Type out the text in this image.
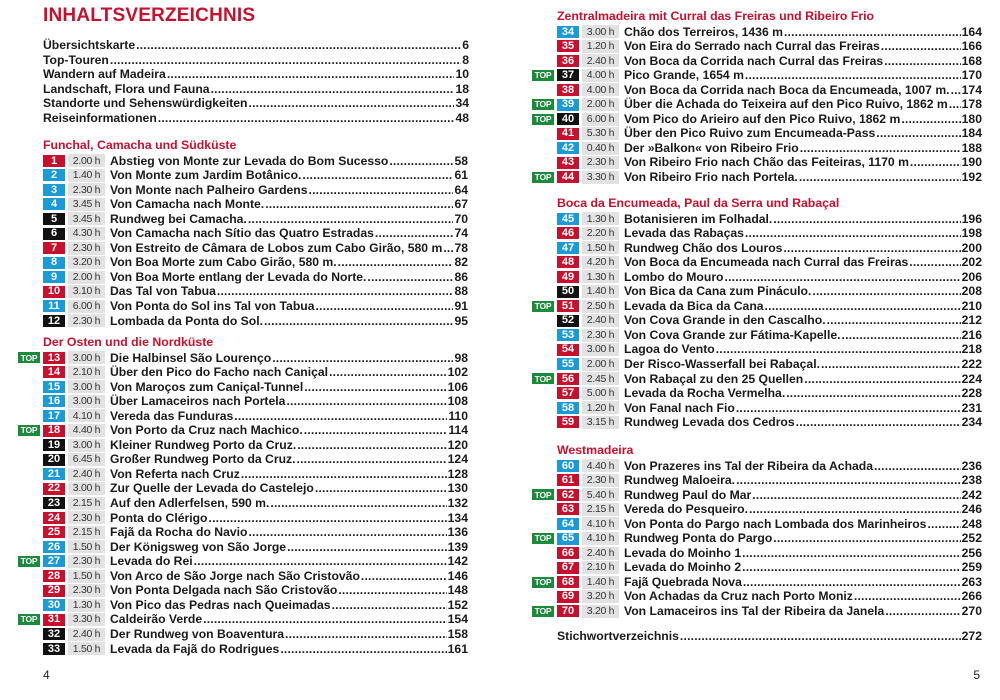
INHALTSVERZEICHNIS
Übersichtskarte . . .	6
Top-Touren . . .	8
Wandern auf Madeira . . .	10
Landschaft, Flora und Fauna . . .	18
Standorte und Sehenswürdigkeiten . . .	34
Reiseinformationen . . .	48
Funchal, Camacha und Südküste
1	2.00 h Abstieg von Monte zur Levada do Bom Sucesso . . .	58
2	1.40 h Von Monte zum Jardim Botânico. . . .	61
3	2.30 h Von Monte nach Palheiro Gardens . . .	64
4	3.45 h Von Camacha nach Monte. . . .	67
5	3.45 h Rundweg bei Camacha. . . .	70
6	4.30 h Von Camacha nach Sítio das Quatro Estradas . . .	74
7	2.30 h Von Estreito de Câmara de Lobos zum Cabo Girão, 580 m . . . 78
8	3.20 h Von Boa Morte zum Cabo Girão, 580 m. . . .	82
9	2.00 h Von Boa Morte entlang der Levada do Norte. . . .	86
10	3.10 h Das Tal von Tabua . . .	88
11	6.00 h Von Ponta do Sol ins Tal von Tabua . . .	91
12	2.30 h Lombada da Ponta do Sol. . . .	95
Der Osten und die Nordküste
TOP 13	3.00 h Die Halbinsel São Lourenço . . .	98
14	2.10 h Über den Pico do Facho nach Caniçal . . .	102
15	3.00 h Von Maroços zum Caniçal-Tunnel . . .	106
16	3.00 h Über Lamaceiros nach Portela . . .	108
17	4.10 h Vereda das Funduras . . .	110
TOP 18	4.40 h Von Porto da Cruz nach Machico. . . .	114
19	3.00 h Kleiner Rundweg Porto da Cruz. . . .	120
20	6.45 h Großer Rundweg Porto da Cruz. . . .	124
21	2.40 h Von Referta nach Cruz . . .	128
22	3.00 h Zur Quelle der Levada do Castelejo . . .	130
23	2.15 h Auf den Adlerfelsen, 590 m. . . .	132
24	2.30 h Ponta do Clérigo . . .	134
25	2.15 h Fajã da Rocha do Navio . . .	136
26	1.50 h Der Königsweg von São Jorge . . .	139
TOP 27	2.30 h Levada do Rei . . .	142
28	1.50 h Von Arco de São Jorge nach São Cristovão . . .	146
29	2.30 h Von Ponta Delgada nach São Cristovão . . .	148
30	1.30 h Von Pico das Pedras nach Queimadas . . .	152
TOP 31	3.30 h Caldeirão Verde . . .	154
32	2.40 h Der Rundweg von Boaventura . . .	158
33	1.50 h Levada da Fajã do Rodrigues . . .	161
4
Zentralmadeira mit Curral das Freiras und Ribeiro Frio
34	3.00 h Chão dos Terreiros, 1436 m . . .	164
35	1.20 h Von Eira do Serrado nach Curral das Freiras . . .	166
36	2.40 h Von Boca da Corrida nach Curral das Freiras . . .	168
TOP 37	4.00 h Pico Grande, 1654 m . . .	170
38	4.00 h Von Boca da Corrida nach Boca da Encumeada, 1007 m. . . . 174
TOP 39	2.00 h Über die Achada do Teixeira auf den Pico Ruivo, 1862 m . . . 178
TOP 40	6.00 h Vom Pico do Arieiro auf den Pico Ruivo, 1862 m . . .	180
41	5.30 h Über den Pico Ruivo zum Encumeada-Pass . . .	184
42	0.40 h Der »Balkon« von Ribeiro Frio . . .	188
43	2.30 h Von Ribeiro Frio nach Chão das Feiteiras, 1170 m . . .	190
TOP 44	3.30 h Von Ribeiro Frio nach Portela. . . .	192
Boca da Encumeada, Paul da Serra und Rabaçal
45	1.30 h Botanisieren im Folhadal. . . .	196
46	2.20 h Levada das Rabaças . . .	198
47	1.50 h Rundweg Chão dos Louros . . .	200
48	4.20 h Von Boca da Encumeada nach Curral das Freiras . . .	202
49	1.30 h Lombo do Mouro . . .	206
50	1.40 h Von Bica da Cana zum Pináculo. . . .	208
TOP 51	2.50 h Levada da Bica da Cana . . .	210
52	2.40 h Von Cova Grande in den Cascalho. . . .	212
53	2.30 h Von Cova Grande zur Fátima-Kapelle. . . .	216
54	3.00 h Lagoa do Vento . . .	218
55	2.00 h Der Risco-Wasserfall bei Rabaçal. . . .	222
TOP 56	2.45 h Von Rabaçal zu den 25 Quellen . . .	224
57	5.00 h Levada da Rocha Vermelha. . . .	228
58	1.20 h Von Fanal nach Fio . . .	231
59	3.15 h Rundweg Levada dos Cedros . . .	234
Westmadeira
60	4.40 h Von Prazeres ins Tal der Ribeira da Achada . . .	236
61	2.30 h Rundweg Maloeira. . . .	238
TOP 62	5.40 h Rundweg Paul do Mar . . .	242
63	2.15 h Vereda do Pesqueiro. . . .	246
64	4.10 h Von Ponta do Pargo nach Lombada dos Marinheiros . . .	248
TOP 65	4.10 h Rundweg Ponta do Pargo . . .	252
66	2.40 h Levada do Moinho 1 . . .	256
67	2.10 h Levada do Moinho 2 . . .	259
TOP 68	1.40 h Fajã Quebrada Nova . . .	263
69	3.20 h Von Achadas da Cruz nach Porto Moniz . . .	266
TOP 70	3.20 h Von Lamaceiros ins Tal der Ribeira da Janela . . .	270
Stichwortverzeichnis . . .	272
5
